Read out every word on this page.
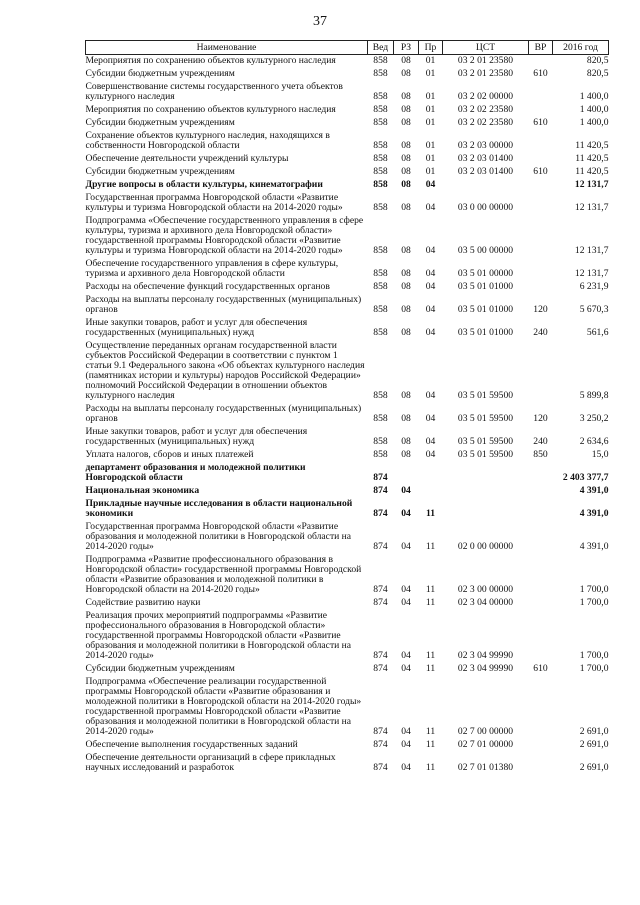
37
Наименование	Вед	РЗ	Пр	ЦСТ	ВР	2016 год
Мероприятия по сохранению объектов культурного наследия	858	08	01	03 2 01 23580		820,5
Субсидии бюджетным учреждениям	858	08	01	03 2 01 23580	610	820,5
Совершенствование системы государственного учета объектов культурного наследия	858	08	01	03 2 02 00000		1 400,0
Мероприятия по сохранению объектов культурного наследия	858	08	01	03 2 02 23580		1 400,0
Субсидии бюджетным учреждениям	858	08	01	03 2 02 23580	610	1 400,0
Сохранение объектов культурного наследия, находящихся в собственности Новгородской области	858	08	01	03 2 03 00000		11 420,5
Обеспечение деятельности учреждений культуры	858	08	01	03 2 03 01400		11 420,5
Субсидии бюджетным учреждениям	858	08	01	03 2 03 01400	610	11 420,5
Другие вопросы в области культуры, кинематографии	858	08	04			12 131,7
Государственная программа Новгородской области «Развитие культуры и туризма Новгородской области на 2014-2020 годы»	858	08	04	03 0 00 00000		12 131,7
Подпрограмма «Обеспечение государственного управления в сфере культуры, туризма и архивного дела Новгородской области» государственной программы Новгородской области «Развитие культуры и туризма Новгородской области на 2014-2020 годы»	858	08	04	03 5 00 00000		12 131,7
Обеспечение государственного управления в сфере культуры, туризма и архивного дела Новгородской области	858	08	04	03 5 01 00000		12 131,7
Расходы на обеспечение функций государственных органов	858	08	04	03 5 01 01000		6 231,9
Расходы на выплаты персоналу государственных (муниципальных) органов	858	08	04	03 5 01 01000	120	5 670,3
Иные закупки товаров, работ и услуг для обеспечения государственных (муниципальных) нужд	858	08	04	03 5 01 01000	240	561,6
Осуществление переданных органам государственной власти субъектов Российской Федерации в соответствии с пунктом 1 статьи 9.1 Федерального закона «Об объектах культурного наследия (памятниках истории и культуры) народов Российской Федерации» полномочий Российской Федерации в отношении объектов культурного наследия	858	08	04	03 5 01 59500		5 899,8
Расходы на выплаты персоналу государственных (муниципальных) органов	858	08	04	03 5 01 59500	120	3 250,2
Иные закупки товаров, работ и услуг для обеспечения государственных (муниципальных) нужд	858	08	04	03 5 01 59500	240	2 634,6
Уплата налогов, сборов и иных платежей	858	08	04	03 5 01 59500	850	15,0
департамент образования и молодежной политики Новгородской области	874					2 403 377,7
Национальная экономика	874	04				4 391,0
Прикладные научные исследования в области национальной экономики	874	04	11			4 391,0
Государственная программа Новгородской области «Развитие образования и молодежной политики в Новгородской области на 2014-2020 годы»	874	04	11	02 0 00 00000		4 391,0
Подпрограмма «Развитие профессионального образования в Новгородской области» государственной программы Новгородской области «Развитие образования и молодежной политики в Новгородской области на 2014-2020 годы»	874	04	11	02 3 00 00000		1 700,0
Содействие развитию науки	874	04	11	02 3 04 00000		1 700,0
Реализация прочих мероприятий подпрограммы «Развитие профессионального образования в Новгородской области» государственной программы Новгородской области «Развитие образования и молодежной политики в Новгородской области на 2014-2020 годы»	874	04	11	02 3 04 99990		1 700,0
Субсидии бюджетным учреждениям	874	04	11	02 3 04 99990	610	1 700,0
Подпрограмма «Обеспечение реализации государственной программы Новгородской области «Развитие образования и молодежной политики в Новгородской области на 2014-2020 годы» государственной программы Новгородской области «Развитие образования и молодежной политики в Новгородской области на 2014-2020 годы»	874	04	11	02 7 00 00000		2 691,0
Обеспечение выполнения государственных заданий	874	04	11	02 7 01 00000		2 691,0
Обеспечение деятельности организаций в сфере прикладных научных исследований и разработок	874	04	11	02 7 01 01380		2 691,0
